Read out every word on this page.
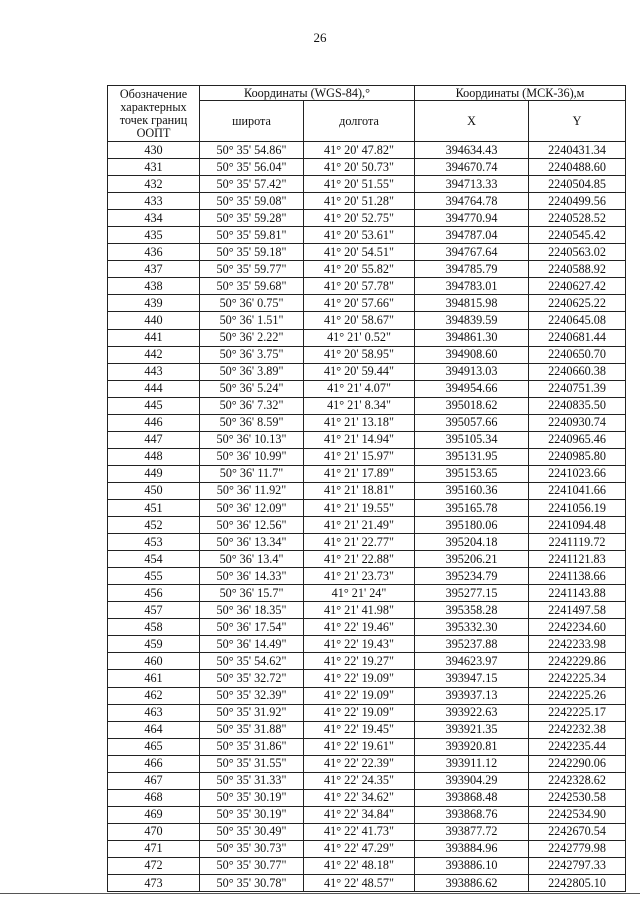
26
Обозначение характерных точек границ ООПТ	Координаты (WGS-84),°		Координаты (МСК-36),м	
	широта	долгота	X	Y
430	50° 35' 54.86"	41° 20' 47.82"	394634.43	2240431.34
431	50° 35' 56.04"	41° 20' 50.73"	394670.74	2240488.60
432	50° 35' 57.42"	41° 20' 51.55"	394713.33	2240504.85
433	50° 35' 59.08"	41° 20' 51.28"	394764.78	2240499.56
434	50° 35' 59.28"	41° 20' 52.75"	394770.94	2240528.52
435	50° 35' 59.81"	41° 20' 53.61"	394787.04	2240545.42
436	50° 35' 59.18"	41° 20' 54.51"	394767.64	2240563.02
437	50° 35' 59.77"	41° 20' 55.82"	394785.79	2240588.92
438	50° 35' 59.68"	41° 20' 57.78"	394783.01	2240627.42
439	50° 36' 0.75"	41° 20' 57.66"	394815.98	2240625.22
440	50° 36' 1.51"	41° 20' 58.67"	394839.59	2240645.08
441	50° 36' 2.22"	41° 21' 0.52"	394861.30	2240681.44
442	50° 36' 3.75"	41° 20' 58.95"	394908.60	2240650.70
443	50° 36' 3.89"	41° 20' 59.44"	394913.03	2240660.38
444	50° 36' 5.24"	41° 21' 4.07"	394954.66	2240751.39
445	50° 36' 7.32"	41° 21' 8.34"	395018.62	2240835.50
446	50° 36' 8.59"	41° 21' 13.18"	395057.66	2240930.74
447	50° 36' 10.13"	41° 21' 14.94"	395105.34	2240965.46
448	50° 36' 10.99"	41° 21' 15.97"	395131.95	2240985.80
449	50° 36' 11.7"	41° 21' 17.89"	395153.65	2241023.66
450	50° 36' 11.92"	41° 21' 18.81"	395160.36	2241041.66
451	50° 36' 12.09"	41° 21' 19.55"	395165.78	2241056.19
452	50° 36' 12.56"	41° 21' 21.49"	395180.06	2241094.48
453	50° 36' 13.34"	41° 21' 22.77"	395204.18	2241119.72
454	50° 36' 13.4"	41° 21' 22.88"	395206.21	2241121.83
455	50° 36' 14.33"	41° 21' 23.73"	395234.79	2241138.66
456	50° 36' 15.7"	41° 21' 24"	395277.15	2241143.88
457	50° 36' 18.35"	41° 21' 41.98"	395358.28	2241497.58
458	50° 36' 17.54"	41° 22' 19.46"	395332.30	2242234.60
459	50° 36' 14.49"	41° 22' 19.43"	395237.88	2242233.98
460	50° 35' 54.62"	41° 22' 19.27"	394623.97	2242229.86
461	50° 35' 32.72"	41° 22' 19.09"	393947.15	2242225.34
462	50° 35' 32.39"	41° 22' 19.09"	393937.13	2242225.26
463	50° 35' 31.92"	41° 22' 19.09"	393922.63	2242225.17
464	50° 35' 31.88"	41° 22' 19.45"	393921.35	2242232.38
465	50° 35' 31.86"	41° 22' 19.61"	393920.81	2242235.44
466	50° 35' 31.55"	41° 22' 22.39"	393911.12	2242290.06
467	50° 35' 31.33"	41° 22' 24.35"	393904.29	2242328.62
468	50° 35' 30.19"	41° 22' 34.62"	393868.48	2242530.58
469	50° 35' 30.19"	41° 22' 34.84"	393868.76	2242534.90
470	50° 35' 30.49"	41° 22' 41.73"	393877.72	2242670.54
471	50° 35' 30.73"	41° 22' 47.29"	393884.96	2242779.98
472	50° 35' 30.77"	41° 22' 48.18"	393886.10	2242797.33
473	50° 35' 30.78"	41° 22' 48.57"	393886.62	2242805.10
